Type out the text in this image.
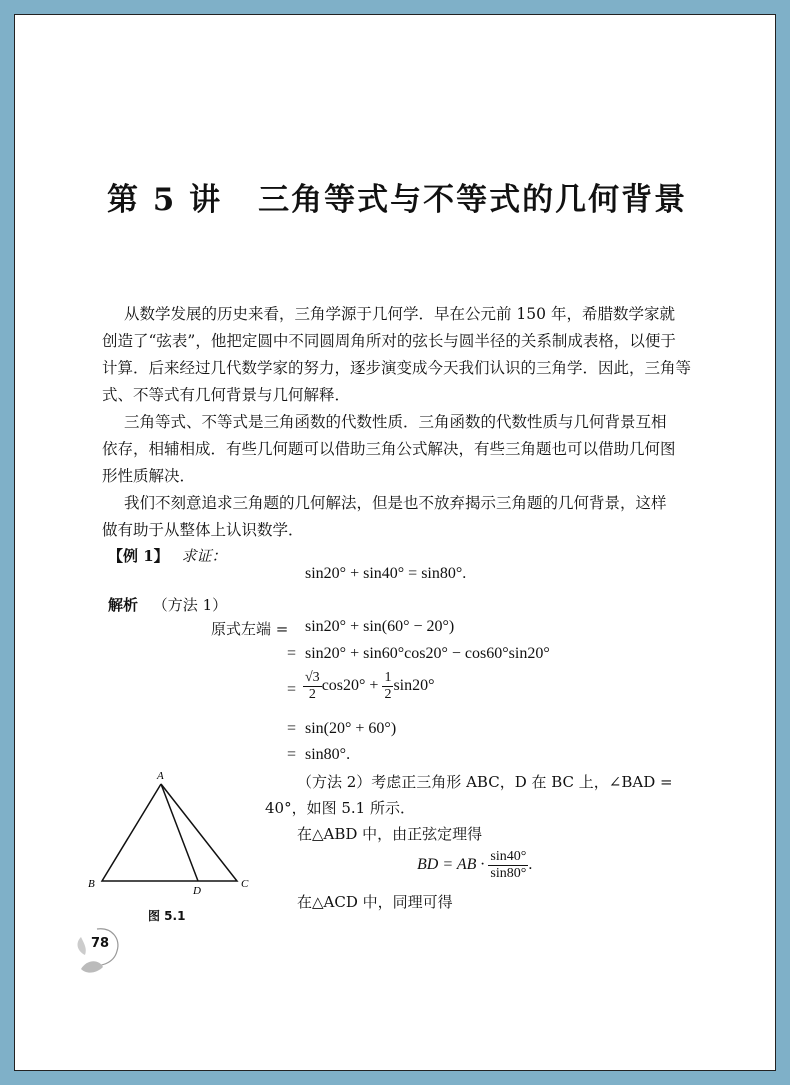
第 5 讲 三角等式与不等式的几何背景
从数学发展的历史来看，三角学源于几何学．早在公元前 150 年，希腊数学家就
创造了“弦表”，他把定圆中不同圆周角所对的弦长与圆半径的关系制成表格，以便于
计算．后来经过几代数学家的努力，逐步演变成今天我们认识的三角学．因此，三角等
式、不等式有几何背景与几何解释．
三角等式、不等式是三角函数的代数性质．三角函数的代数性质与几何背景互相
依存，相辅相成．有些几何题可以借助三角公式解决，有些三角题也可以借助几何图
形性质解决．
我们不刻意追求三角题的几何解法，但是也不放弃揭示三角题的几何背景，这样
做有助于从整体上认识数学．
【例 1】 求证：
sin20° + sin40° = sin80°.
解析 （方法 1）
原式左端 = sin20° + sin(60° − 20°)
= sin20° + sin60°cos20° − cos60°sin20°
= $\frac{√3}{2} \cos 20^\circ + \frac{1}{2} \sin 20^\circ$
= sin(20° + 60°)
= sin80°.
（方法 2）考虑正三角形 ABC，D 在 BC 上，∠BAD =
40°，如图 5.1 所示．
在△ABD 中，由正弦定理得
BD = AB · $\frac{\sin 40^\circ}{\sin 80^\circ}$ .
在△ACD 中，同理可得
A
B	C
D
图 5.1
78
